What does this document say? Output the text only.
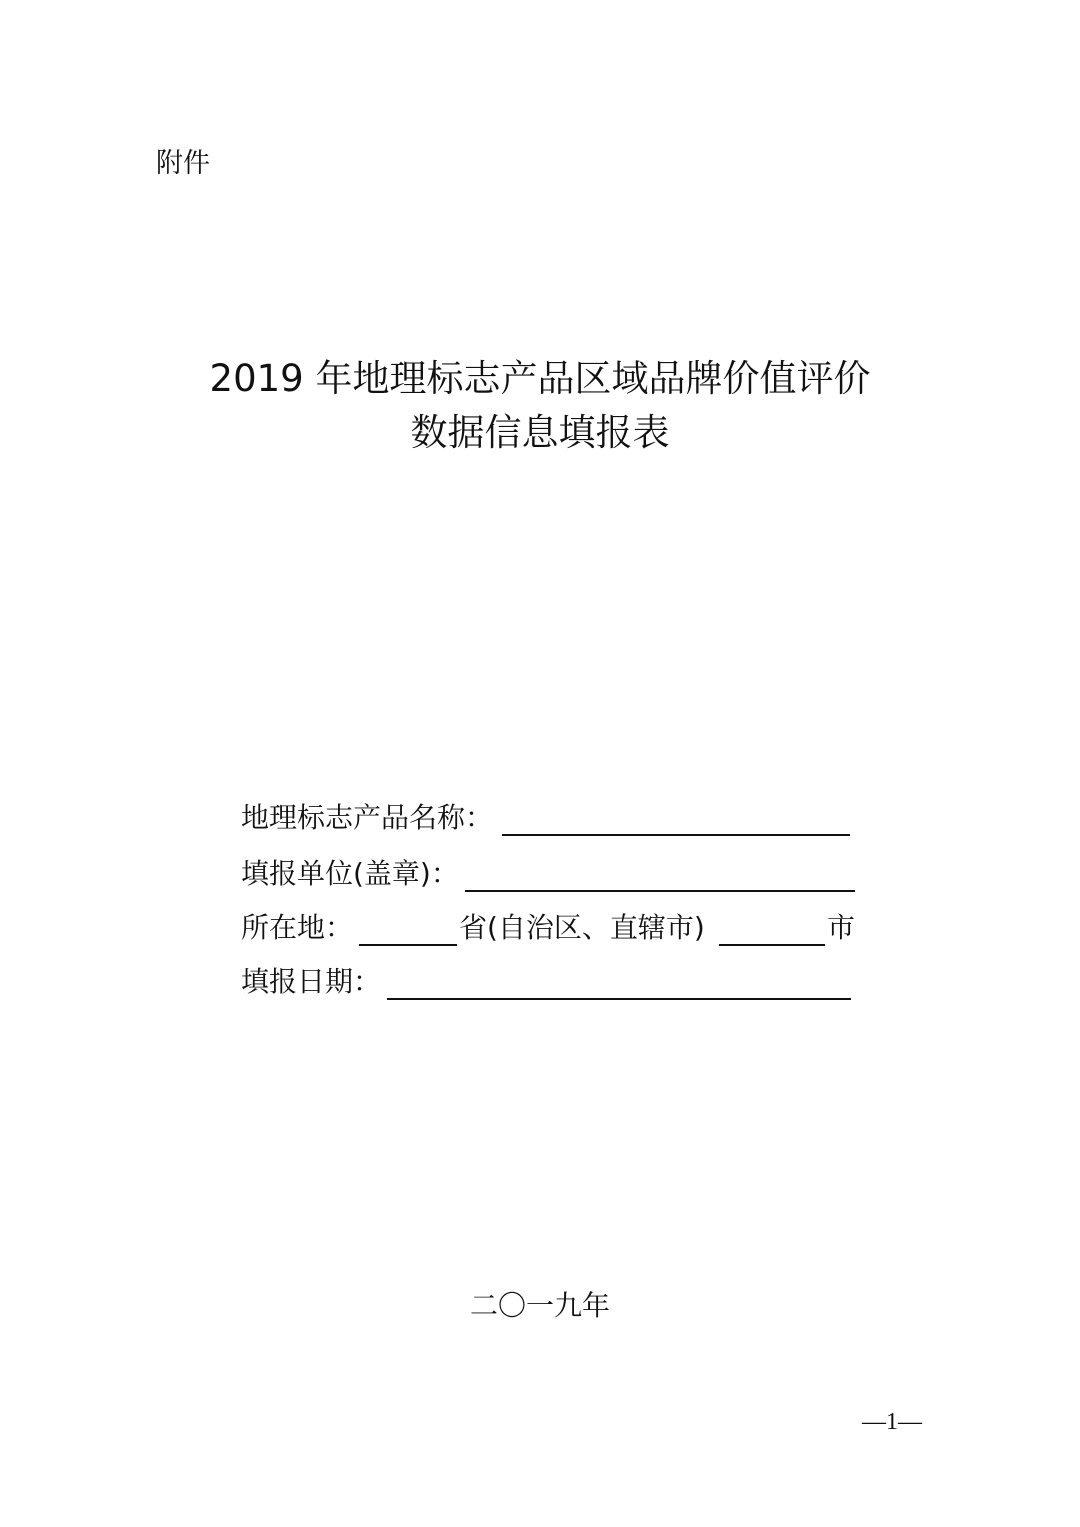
附件
2019 年地理标志产品区域品牌价值评价
数据信息填报表
地理标志产品名称：
填报单位(盖章)：
所在地：	省(自治区、直辖市)	市
填报日期：
二〇一九年
—1—
